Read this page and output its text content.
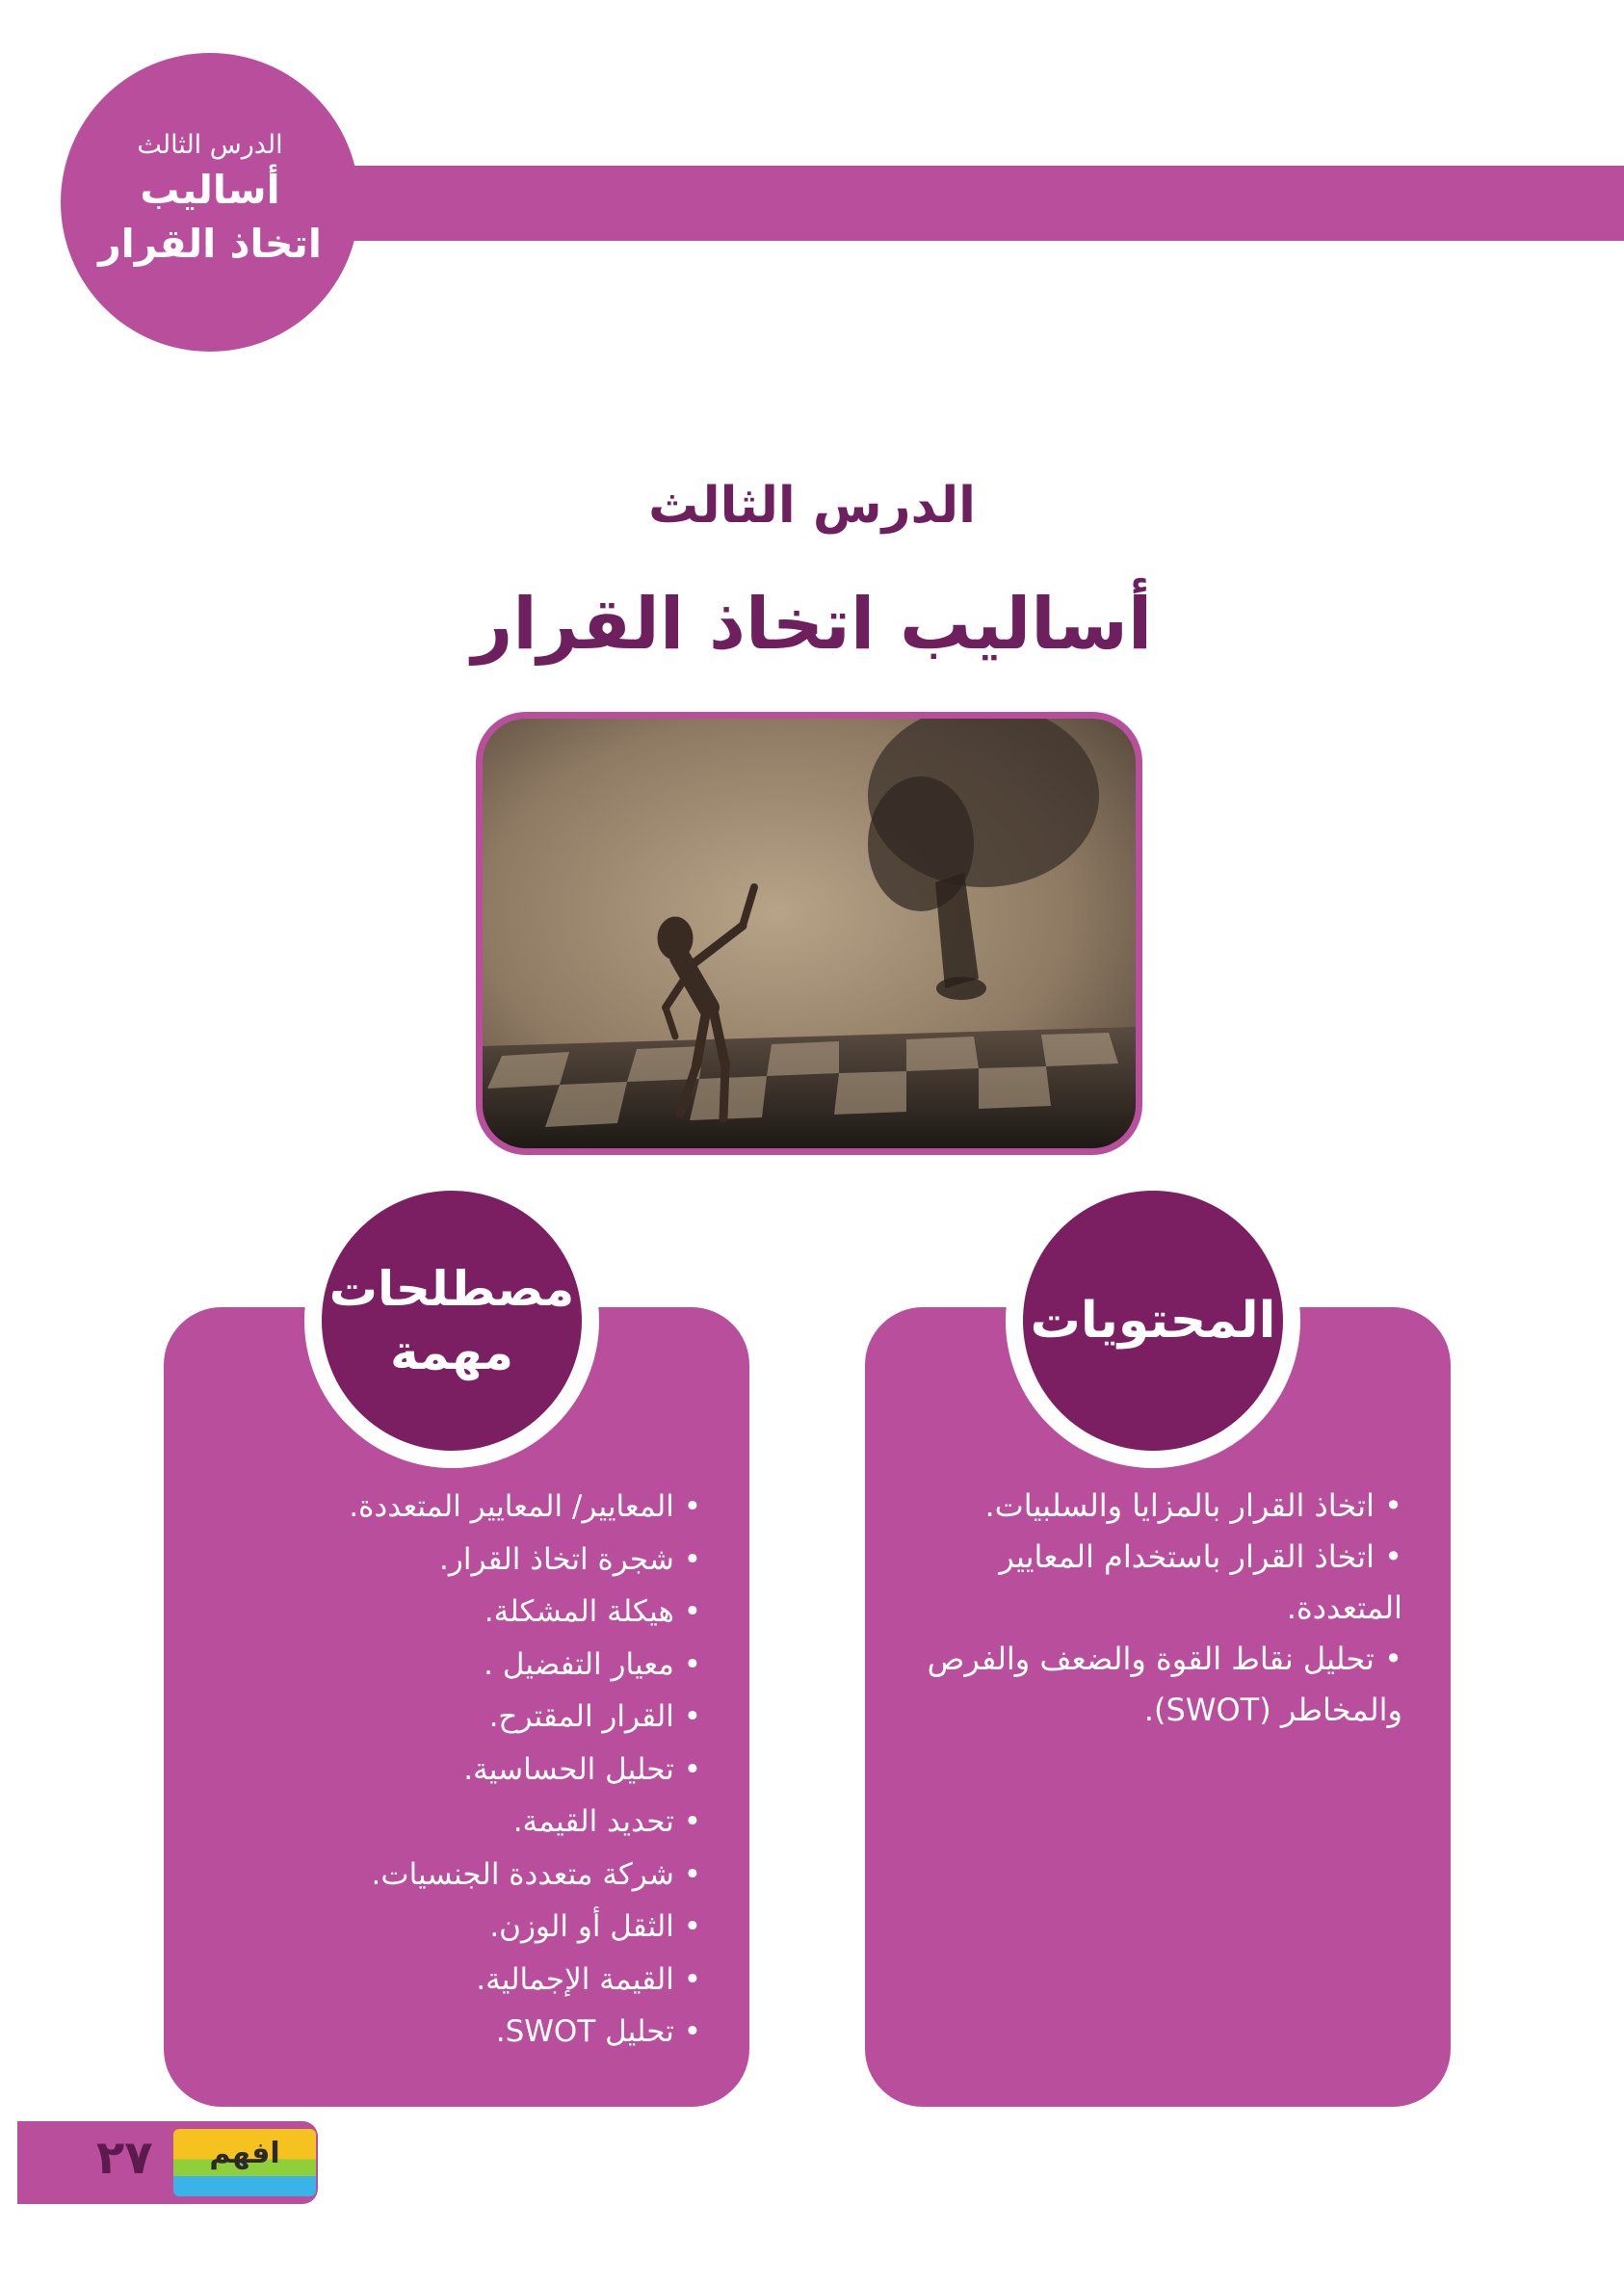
الدرس الثالث
أساليب اتخاذ القرار
الدرس الثالث
أساليب اتخاذ القرار
• اتخاذ القرار بالمزايا والسلبيات.
• اتخاذ القرار باستخدام المعايير المتعددة.
• تحليل نقاط القوة والضعف والفرص والمخاطر (SWOT).
المحتويات
• المعايير/ المعايير المتعددة.
• شجرة اتخاذ القرار.
• هيكلة المشكلة.
• معيار التفضيل .
• القرار المقترح.
• تحليل الحساسية.
• تحديد القيمة.
• شركة متعددة الجنسيات.
• الثقل أو الوزن.
• القيمة الإجمالية.
• تحليل SWOT.
مصطلحات
مهمة
٢٧	افهم
